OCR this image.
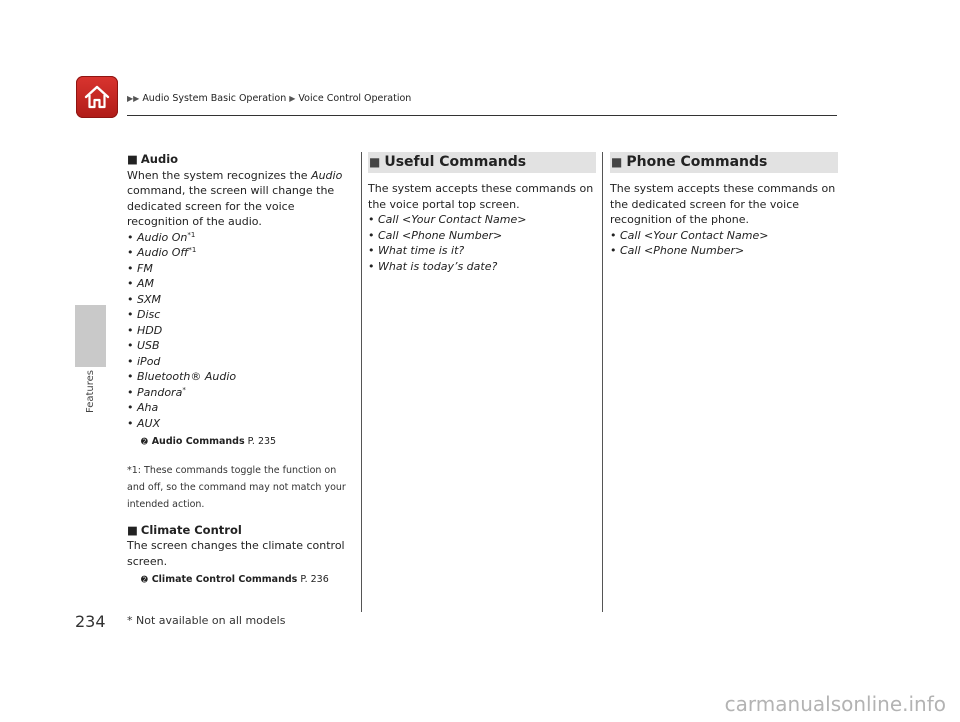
▶▶ Audio System Basic Operation ▶ Voice Control Operation
Features
■ Audio

When the system recognizes the Audio command, the screen will change the dedicated screen for the voice recognition of the audio.

• Audio On$^{*1}$
• Audio Off$^{*1}$
• FM
• AM
• SXM
• Disc
• HDD
• USB
• iPod
• Bluetooth® Audio
• Pandora*
• Aha
• AUX
➋ Audio Commands P. 235
*1: These commands toggle the function on and off, so the command may not match your intended action.
■ Climate Control

The screen changes the climate control screen.

➋ Climate Control Commands P. 236
■ Useful Commands

The system accepts these commands on the voice portal top screen.

• Call <Your Contact Name>
• Call <Phone Number>
• What time is it?
• What is today’s date?
■ Phone Commands

The system accepts these commands on the dedicated screen for the voice recognition of the phone.

• Call <Your Contact Name>
• Call <Phone Number>
234 * Not available on all models
carmanualsonline.info
